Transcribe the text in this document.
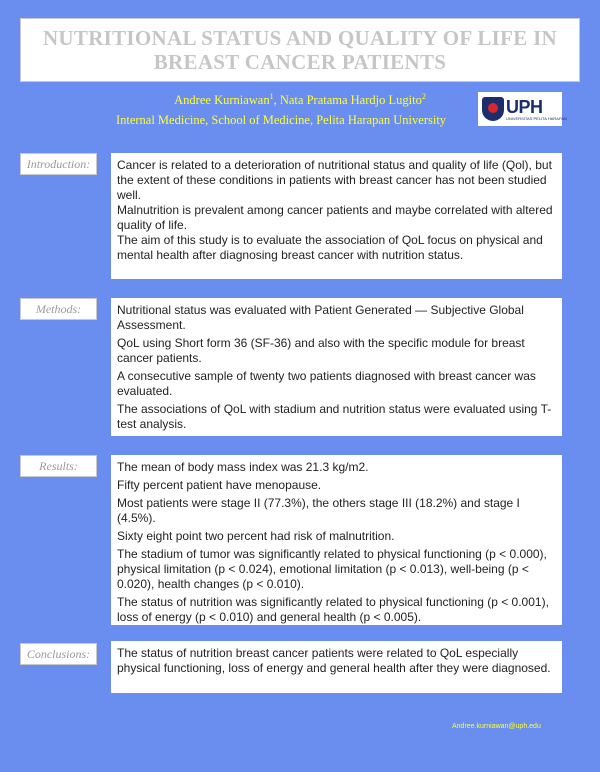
NUTRITIONAL STATUS AND QUALITY OF LIFE IN
BREAST CANCER PATIENTS
Andree Kurniawan$^1$, Nata Pratama Hardjo Lugito$^2$
Internal Medicine, School of Medicine, Pelita Harapan University
UPH
UNIVERSITAS PELITA HARAPAN
Introduction:	Cancer is related to a deterioration of nutritional status and quality of life (Qol), but the extent of these conditions in patients with breast cancer has not been studied well.

Malnutrition is prevalent among cancer patients and maybe correlated with altered quality of life.

The aim of this study is to evaluate the association of QoL focus on physical and mental health after diagnosing breast cancer with nutrition status.

Methods:	Nutritional status was evaluated with Patient Generated — Subjective Global Assessment.

QoL using Short form 36 (SF-36) and also with the specific module for breast cancer patients.

A consecutive sample of twenty two patients diagnosed with breast cancer was evaluated.

The associations of QoL with stadium and nutrition status were evaluated using T-test analysis.

Results:	The mean of body mass index was 21.3 kg/m2.

Fifty percent patient have menopause.

Most patients were stage II (77.3%), the others stage III (18.2%) and stage I (4.5%).

Sixty eight point two percent had risk of malnutrition.

The stadium of tumor was significantly related to physical functioning (p < 0.000), physical limitation (p < 0.024), emotional limitation (p < 0.013), well-being (p < 0.020), health changes (p < 0.010).

The status of nutrition was significantly related to physical functioning (p < 0.001), loss of energy (p < 0.010) and general health (p < 0.005).

Conclusions:	The status of nutrition breast cancer patients were related to QoL especially physical functioning, loss of energy and general health after they were diagnosed.

Andree.kurniawan@uph.edu
